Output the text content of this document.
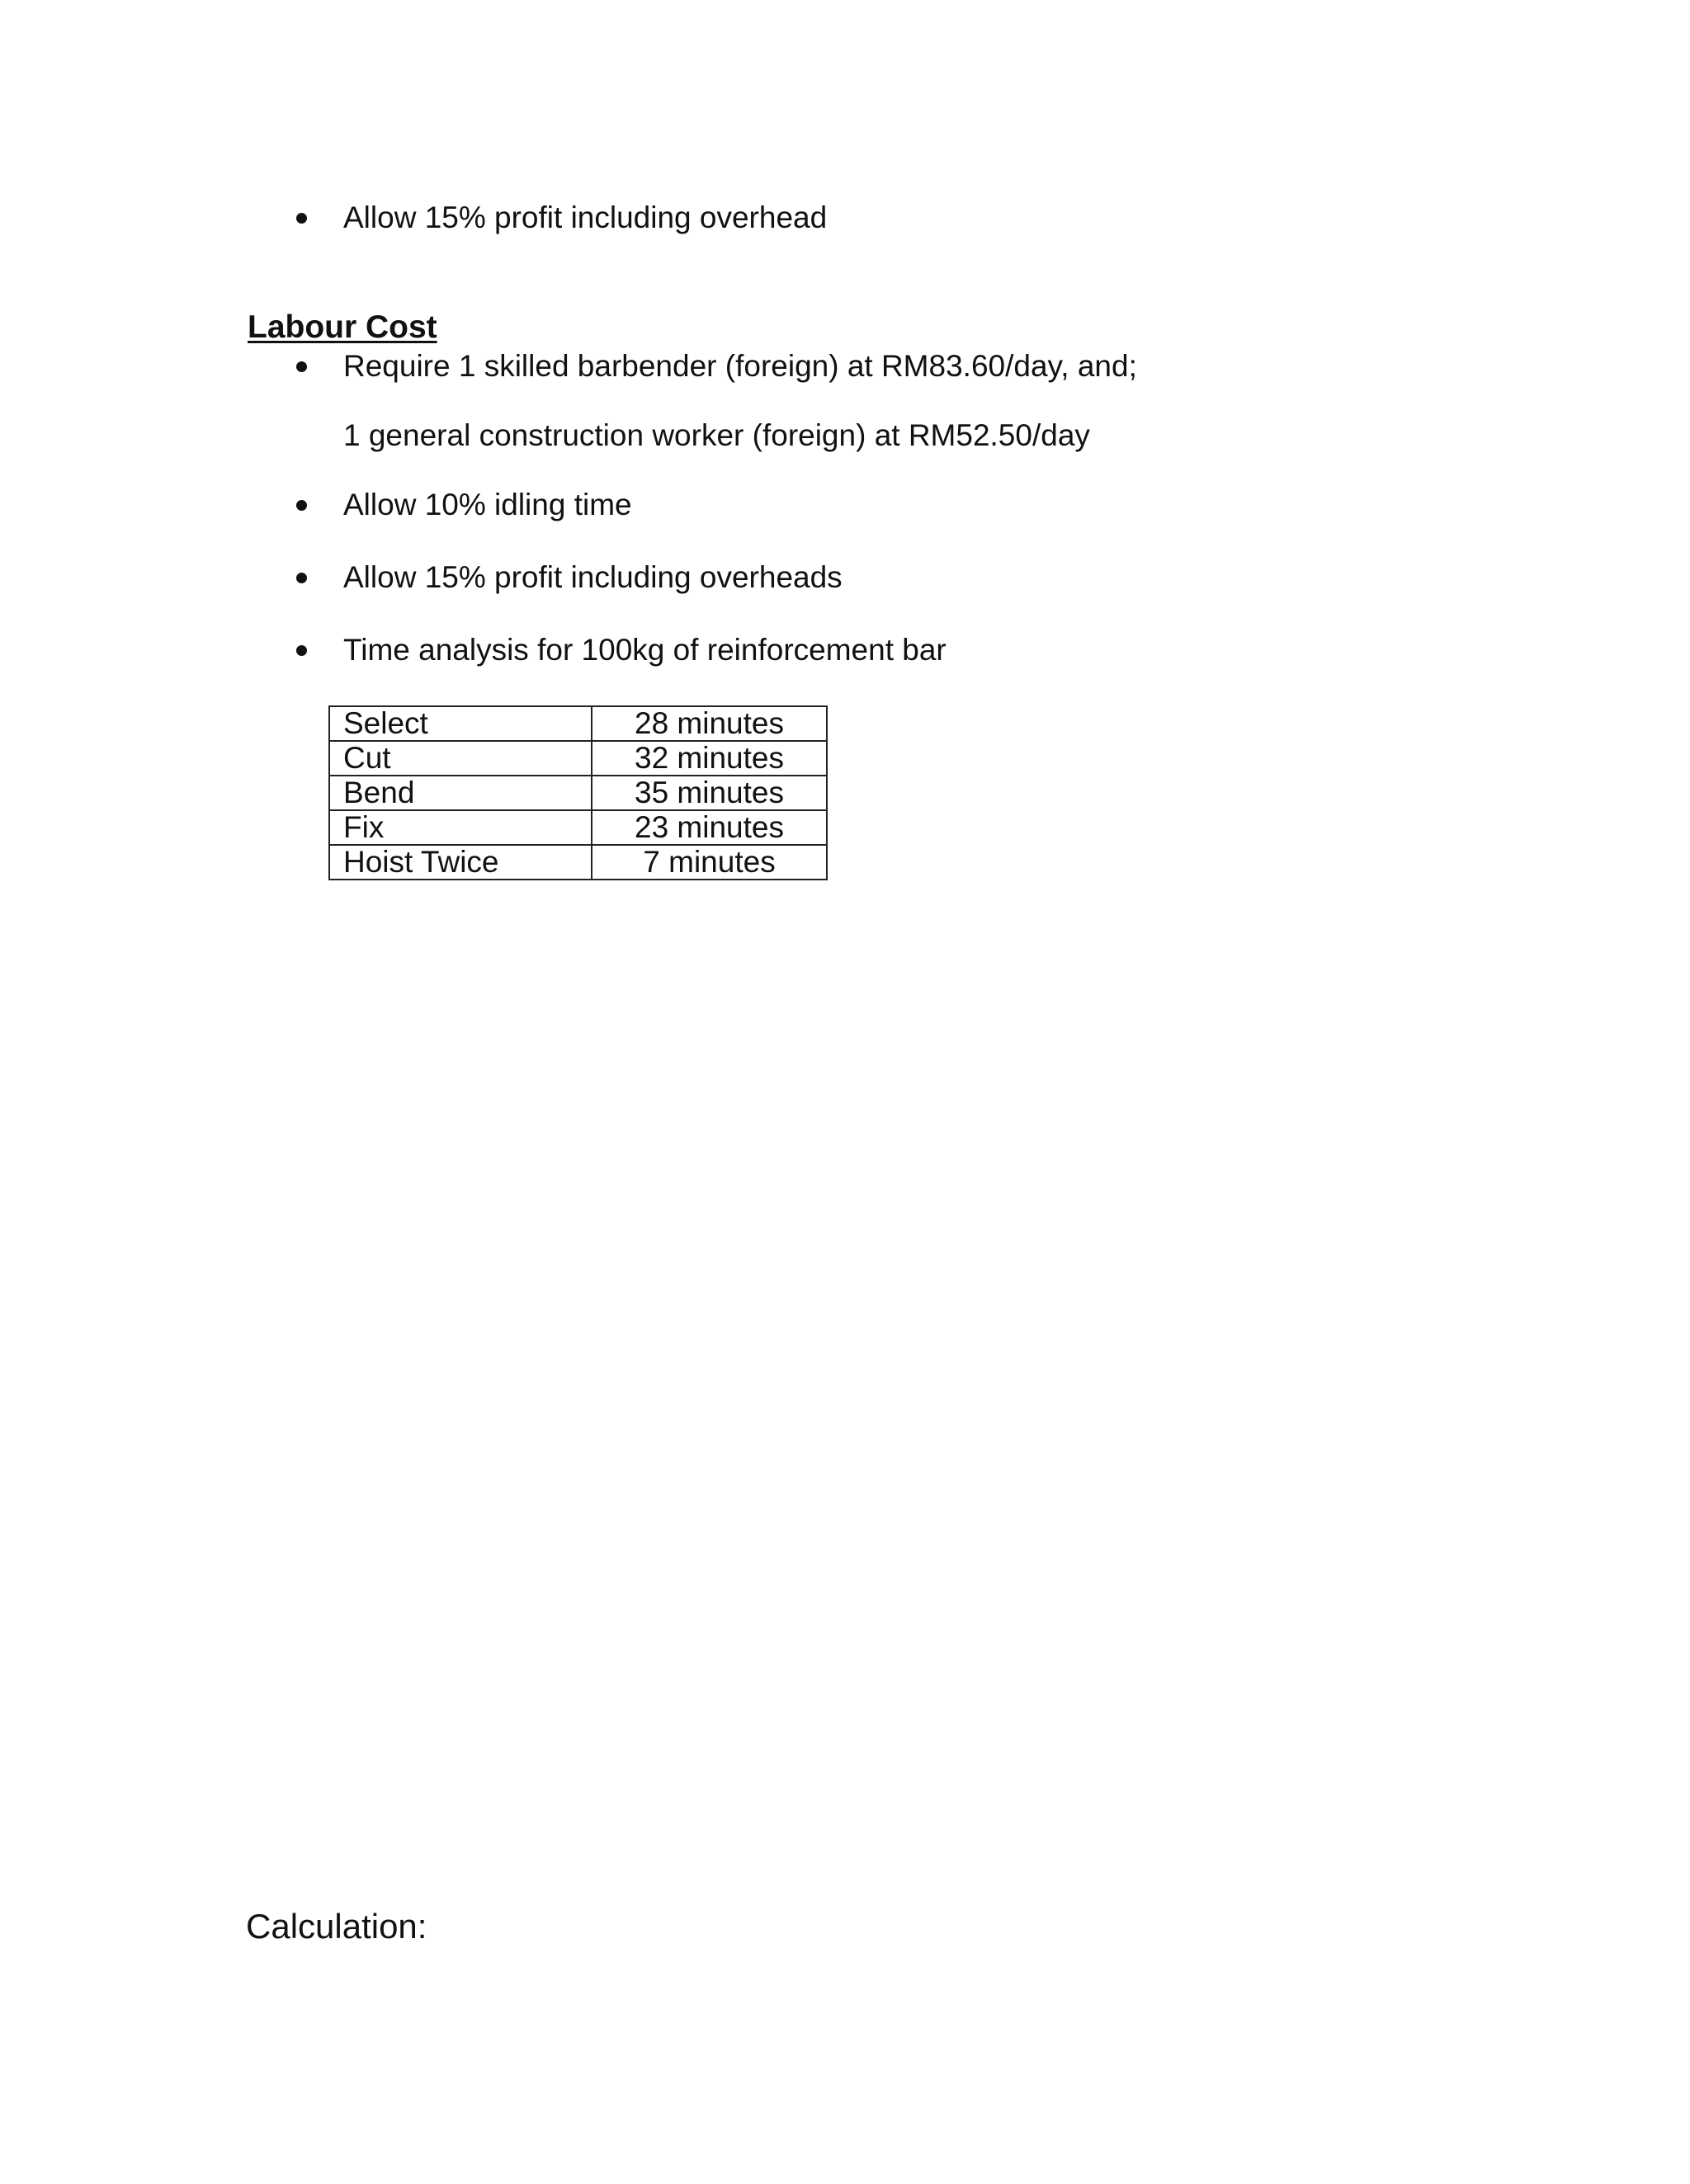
Allow 15% profit including overhead
Labour Cost
Require 1 skilled barbender (foreign) at RM83.60/day, and;
1 general construction worker (foreign) at RM52.50/day
Allow 10% idling time
Allow 15% profit including overheads
Time analysis for 100kg of reinforcement bar
Select	28 minutes
Cut	32 minutes
Bend	35 minutes
Fix	23 minutes
Hoist Twice	7 minutes
Calculation:
